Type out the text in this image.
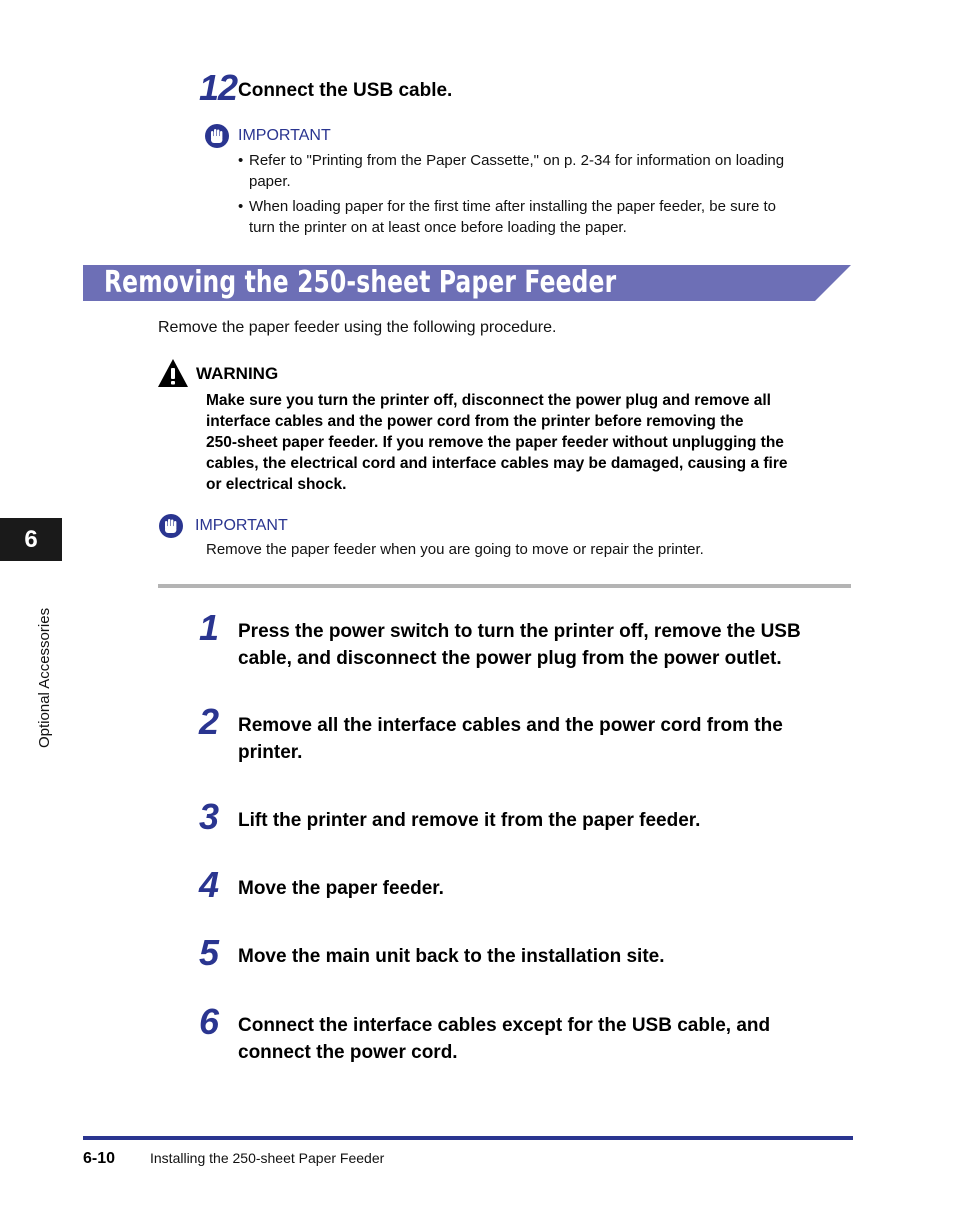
12 Connect the USB cable.
IMPORTANT
• Refer to "Printing from the Paper Cassette," on p. 2-34 for information on loading
paper.
• When loading paper for the first time after installing the paper feeder, be sure to
turn the printer on at least once before loading the paper.
Removing the 250-sheet Paper Feeder
Remove the paper feeder using the following procedure.
WARNING
Make sure you turn the printer off, disconnect the power plug and remove all
interface cables and the power cord from the printer before removing the
250-sheet paper feeder. If you remove the paper feeder without unplugging the
cables, the electrical cord and interface cables may be damaged, causing a fire
or electrical shock.
IMPORTANT
Remove the paper feeder when you are going to move or repair the printer.
1 Press the power switch to turn the printer off, remove the USB
cable, and disconnect the power plug from the power outlet.
2 Remove all the interface cables and the power cord from the
printer.
3 Lift the printer and remove it from the paper feeder.
4 Move the paper feeder.
5 Move the main unit back to the installation site.
6 Connect the interface cables except for the USB cable, and
connect the power cord.
6
Optional Accessories
6-10 Installing the 250-sheet Paper Feeder
